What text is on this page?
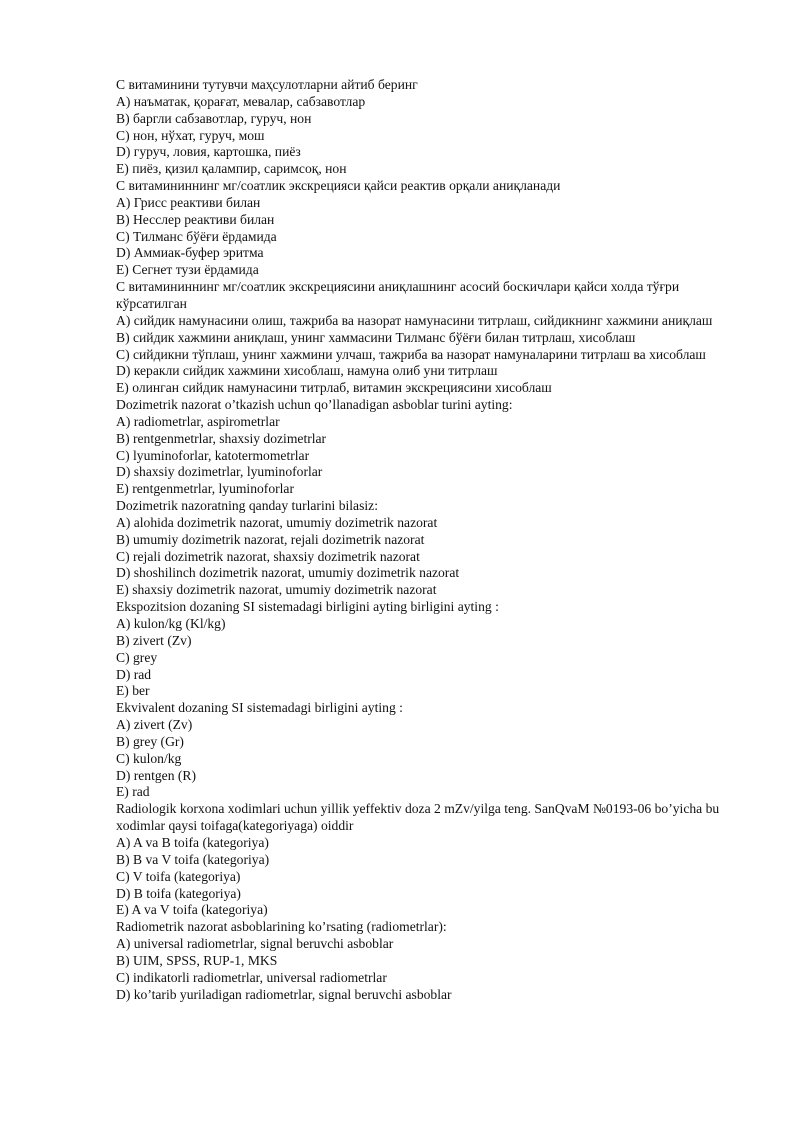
С витаминини тутувчи маҳсулотларни айтиб беринг
А) наъматак, қорағат, мевалар, сабзавотлар
В) баргли сабзавотлар, гуруч, нон
С) нон, нўхат, гуруч, мош
D) гуруч, ловия, картошка, пиёз
Е) пиёз, қизил қалампир, саримсоқ, нон
С витамининнинг мг/соатлик экскрецияси қайси реактив орқали аниқланади
А) Грисс реактиви билан
В) Несслер реактиви билан
С) Тилманс бўёғи ёрдамида
D) Аммиак-буфер эритма
Е) Сегнет тузи ёрдамида
С витамининнинг мг/соатлик экскрециясини аниқлашнинг асосий боскичлари қайси холда тўғри кўрсатилган
А) сийдик намунасини олиш, тажриба ва назорат намунасини титрлаш, сийдикнинг хажмини аниқлаш
В) сийдик хажмини аниқлаш, унинг хаммасини Тилманс бўёғи билан титрлаш, хисоблаш
С) сийдикни тўплаш, унинг хажмини улчаш, тажриба ва назорат намуналарини титрлаш ва хисоблаш
D) керакли сийдик хажмини хисоблаш, намуна олиб уни титрлаш
Е) олинган сийдик намунасини титрлаб, витамин экскрециясини хисоблаш
Dozimetrik nazorat o’tkazish uchun qo’llanadigan asboblar turini ayting:
A) radiometrlar, aspirometrlar
B) rentgenmetrlar, shaxsiy dozimetrlar
C) lyuminoforlar, katotermometrlar
D) shaxsiy dozimetrlar, lyuminoforlar
E) rentgenmetrlar, lyuminoforlar
Dozimetrik nazoratning qanday turlarini bilasiz:
A) alohida dozimetrik nazorat, umumiy dozimetrik nazorat
B) umumiy dozimetrik nazorat, rejali dozimetrik nazorat
C) rejali dozimetrik nazorat, shaxsiy dozimetrik nazorat
D) shoshilinch dozimetrik nazorat, umumiy dozimetrik nazorat
E) shaxsiy dozimetrik nazorat, umumiy dozimetrik nazorat
Ekspozitsion dozaning SI sistemadagi birligini ayting birligini ayting :
A) kulon/kg (Kl/kg)
B) zivert (Zv)
C) grey
D) rad
E) ber
Ekvivalent dozaning SI sistemadagi birligini ayting :
A) zivert (Zv)
B) grey (Gr)
C) kulon/kg
D) rentgen (R)
E) rad
Radiologik korxona xodimlari uchun yillik yeffektiv doza 2 mZv/yilga teng. SanQvaM №0193-06 bo’yicha bu xodimlar qaysi toifaga(kategoriyaga) oiddir
A) A va B toifa (kategoriya)
B) B va V toifa (kategoriya)
C) V toifa (kategoriya)
D) B toifa (kategoriya)
E) A va V toifa (kategoriya)
Radiometrik nazorat asboblarining ko’rsating (radiometrlar):
A) universal radiometrlar, signal beruvchi asboblar
B) UIM, SPSS, RUP-1, MKS
C) indikatorli radiometrlar, universal radiometrlar
D) ko’tarib yuriladigan radiometrlar, signal beruvchi asboblar
